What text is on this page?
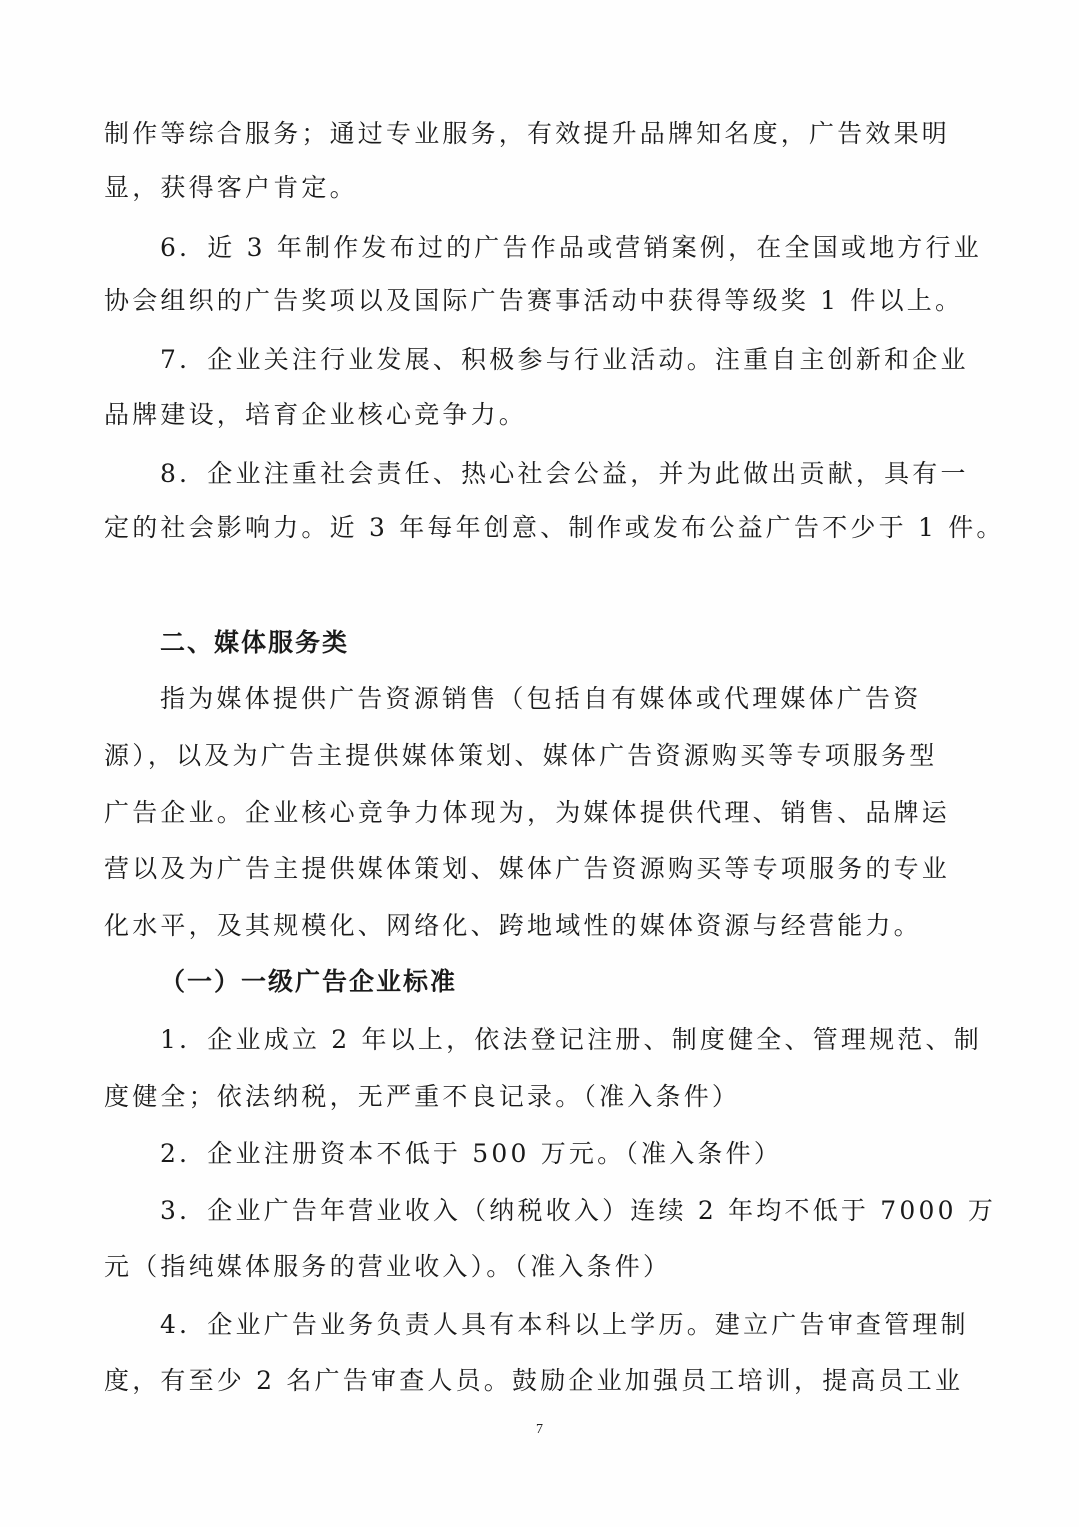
制作等综合服务；通过专业服务，有效提升品牌知名度，广告效果明
显，获得客户肯定。
6．近 3 年制作发布过的广告作品或营销案例，在全国或地方行业
协会组织的广告奖项以及国际广告赛事活动中获得等级奖 1 件以上。
7．企业关注行业发展、积极参与行业活动。注重自主创新和企业
品牌建设，培育企业核心竞争力。
8．企业注重社会责任、热心社会公益，并为此做出贡献，具有一
定的社会影响力。近 3 年每年创意、制作或发布公益广告不少于 1 件。
二、媒体服务类
指为媒体提供广告资源销售（包括自有媒体或代理媒体广告资
源），以及为广告主提供媒体策划、媒体广告资源购买等专项服务型
广告企业。企业核心竞争力体现为，为媒体提供代理、销售、品牌运
营以及为广告主提供媒体策划、媒体广告资源购买等专项服务的专业
化水平，及其规模化、网络化、跨地域性的媒体资源与经营能力。
（一）一级广告企业标准
1．企业成立 2 年以上，依法登记注册、制度健全、管理规范、制
度健全；依法纳税，无严重不良记录。（准入条件）
2．企业注册资本不低于 500 万元。（准入条件）
3．企业广告年营业收入（纳税收入）连续 2 年均不低于 7000 万
元（指纯媒体服务的营业收入）。（准入条件）
4．企业广告业务负责人具有本科以上学历。建立广告审查管理制
度，有至少 2 名广告审查人员。鼓励企业加强员工培训，提高员工业
7
